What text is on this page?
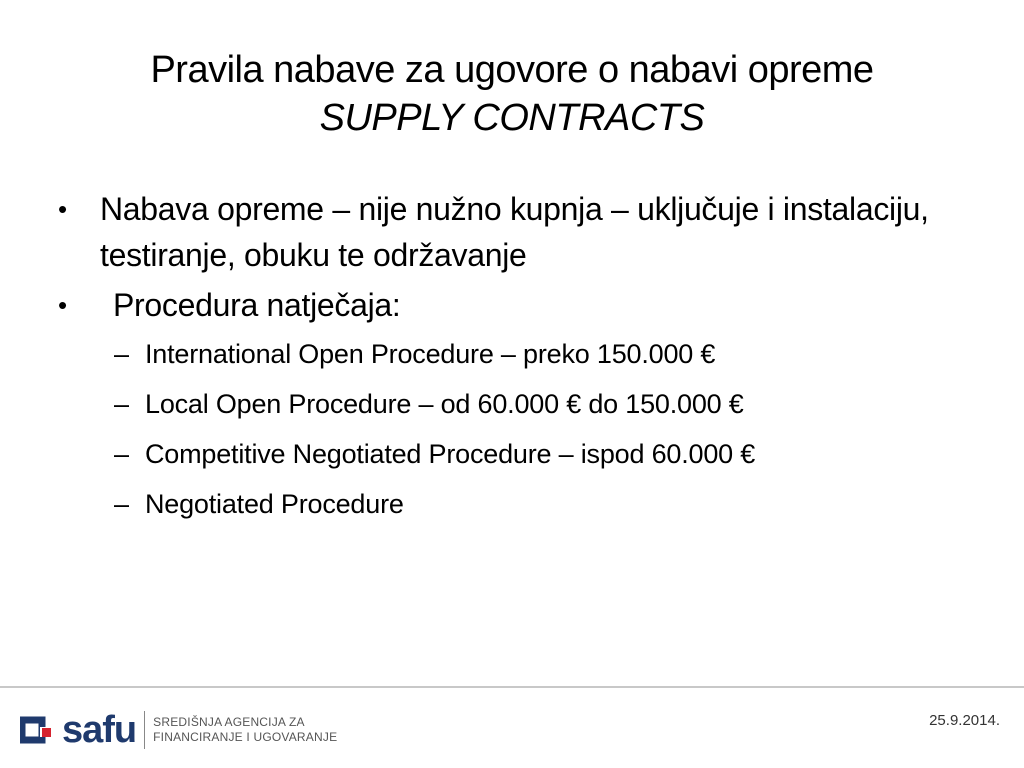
Pravila nabave za ugovore o nabavi opreme
SUPPLY CONTRACTS
• Nabava opreme – nije nužno kupnja – uključuje i instalaciju, testiranje, obuku te održavanje
• Procedura natječaja:
– International Open Procedure – preko 150.000 €
– Local Open Procedure – od 60.000 € do 150.000 €
– Competitive Negotiated Procedure – ispod 60.000 €
– Negotiated Procedure
safu SREDIŠNJA AGENCIJA ZA
FINANCIRANJE I UGOVARANJE
25.9.2014.
